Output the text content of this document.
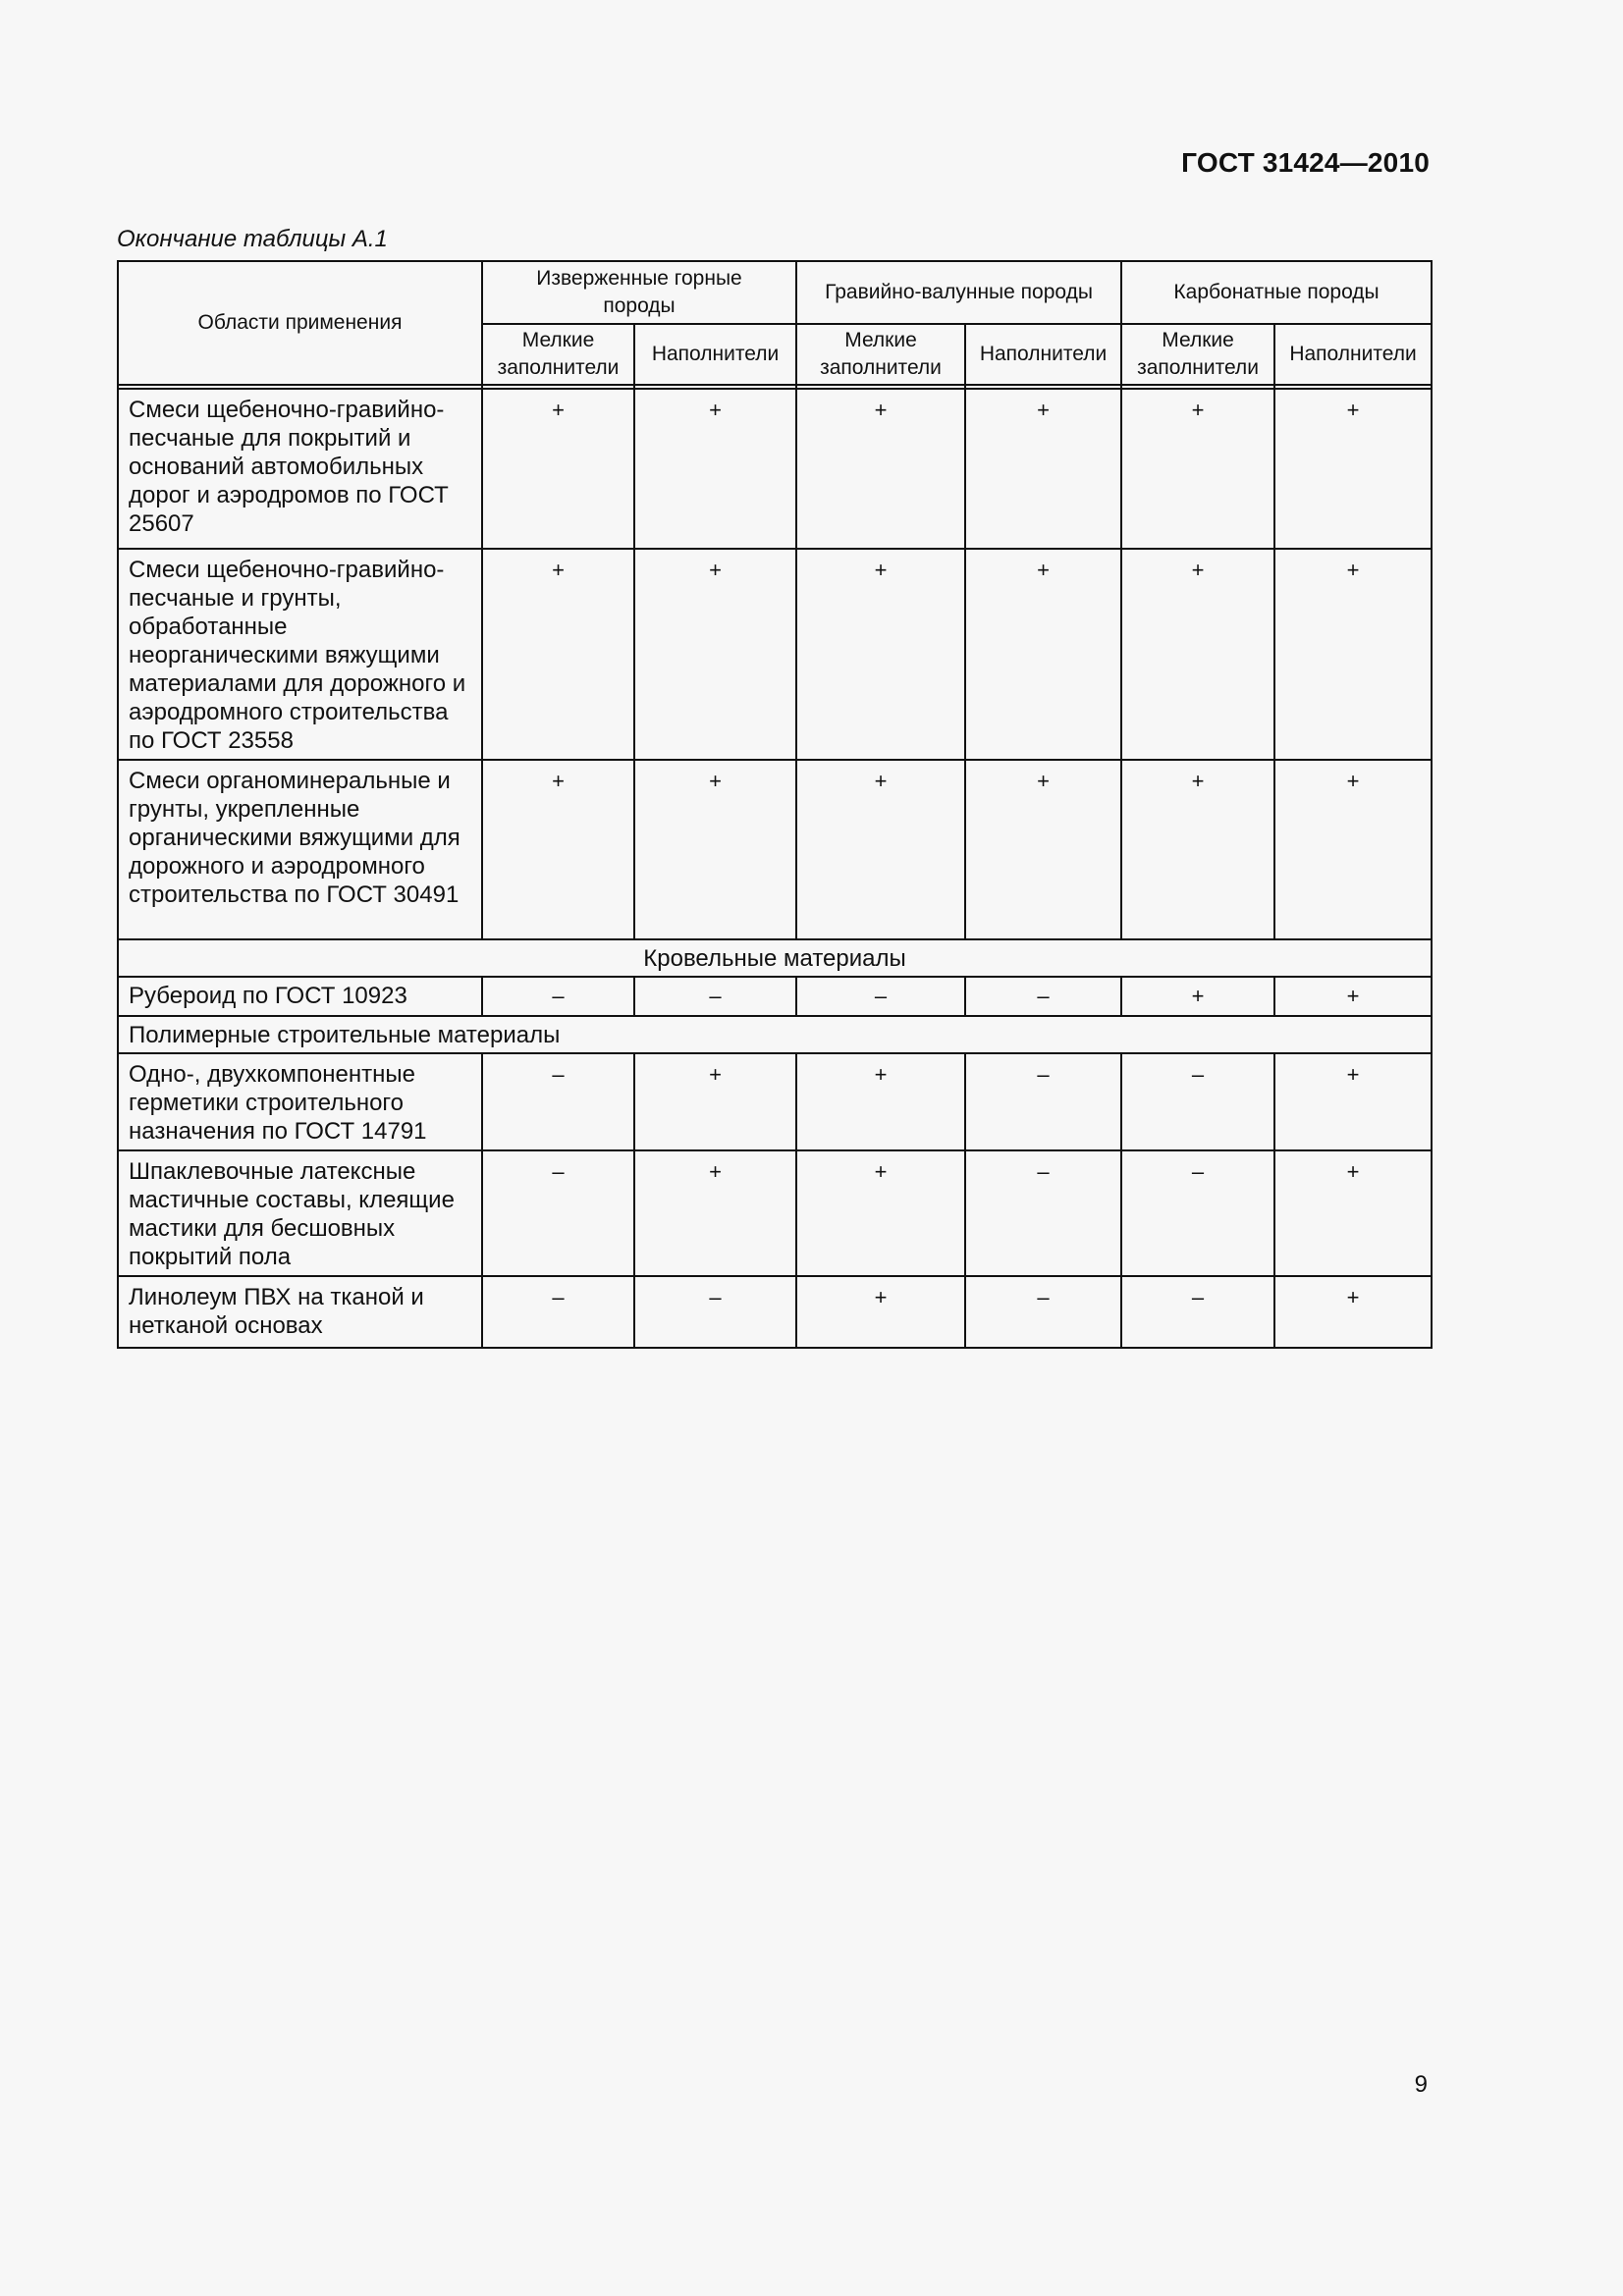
ГОСТ 31424—2010
Окончание таблицы А.1
Области применения	Изверженные горные породы		Гравийно-валунные породы		Карбонатные породы	
	Мелкие заполнители	Наполнители	Мелкие заполнители	Наполнители	Мелкие заполнители	Наполнители

Смеси щебеночно-гравийно-песчаные для покрытий и оснований автомобильных дорог и аэродромов по ГОСТ 25607	+	+	+	+	+	+
Смеси щебеночно-гравийно-песчаные и грунты, обработанные неорганическими вяжущими материалами для дорожного и аэродромного строительства по ГОСТ 23558	+	+	+	+	+	+
Смеси органоминеральные и грунты, укрепленные органическими вяжущими для дорожного и аэродромного строительства по ГОСТ 30491	+	+	+	+	+	+
Кровельные материалы						
Рубероид по ГОСТ 10923	–	–	–	–	+	+
Полимерные строительные материалы						
Одно-, двухкомпонентные герметики строительного назначения по ГОСТ 14791	–	+	+	–	–	+
Шпаклевочные латексные мастичные составы, клеящие мастики для бесшовных покрытий пола	–	+	+	–	–	+
Линолеум ПВХ на тканой и нетканой основах	–	–	+	–	–	+
9
